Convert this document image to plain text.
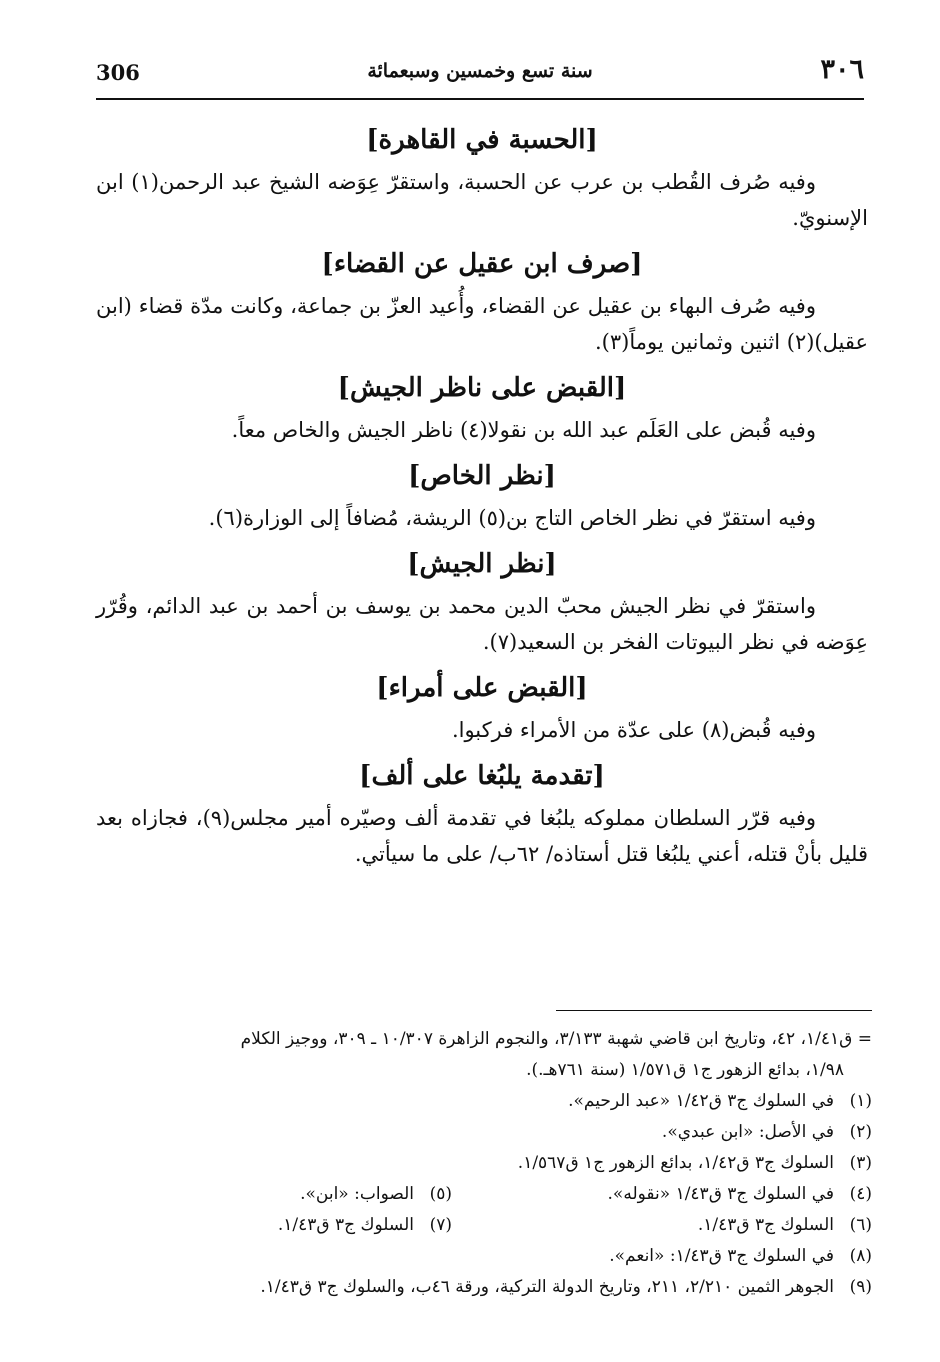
٣٠٦
سنة تسع وخمسين وسبعمائة
306
[الحسبة في القاهرة]

وفيه صُرف القُطب بن عرب عن الحسبة، واستقرّ عِوَضه الشيخ عبد الرحمن(١) ابن الإسنويّ.

[صرف ابن عقيل عن القضاء]

وفيه صُرف البهاء بن عقيل عن القضاء، وأُعيد العزّ بن جماعة، وكانت مدّة قضاء (ابن عقيل)(٢) اثنين وثمانين يوماً(٣).

[القبض على ناظر الجيش]

وفيه قُبض على العَلَم عبد الله بن نقولا(٤) ناظر الجيش والخاص معاً.

[نظر الخاص]

وفيه استقرّ في نظر الخاص التاج بن(٥) الريشة، مُضافاً إلى الوزارة(٦).

[نظر الجيش]

واستقرّ في نظر الجيش محبّ الدين محمد بن يوسف بن أحمد بن عبد الدائم، وقُرّر عِوَضه في نظر البيوتات الفخر بن السعيد(٧).

[القبض على أمراء]

وفيه قُبض(٨) على عدّة من الأمراء فركبوا.

[تقدمة يلبُغا على ألف]

وفيه قرّر السلطان مملوكه يلبُغا في تقدمة ألف وصيّره أمير مجلس(٩)، فجازاه بعد قليل بأنْ قتله، أعني يلبُغا قتل أستاذه/ ٦٢ب/ على ما سيأتي.

= ق١/٤١، ٤٢، وتاريخ ابن قاضي شهبة ٣/١٣٣، والنجوم الزاهرة ١٠/٣٠٧ ـ ٣٠٩، ووجيز الكلام
١/٩٨، بدائع الزهور ج١ ق١/٥٧١ (سنة ٧٦١هـ.).
(١)في السلوك ج٣ ق١/٤٢ «عبد الرحيم».
(٢)في الأصل: «ابن عبدي».
(٣)السلوك ج٣ ق١/٤٢، بدائع الزهور ج١ ق١/٥٦٧.
(٤)في السلوك ج٣ ق١/٤٣ «نقوله».
(٥)الصواب: «ابن».
(٦)السلوك ج٣ ق١/٤٣.
(٧)السلوك ج٣ ق١/٤٣.
(٨)في السلوك ج٣ ق١/٤٣: «انعم».
(٩)الجوهر الثمين ٢/٢١٠، ٢١١، وتاريخ الدولة التركية، ورقة ٤٦ب، والسلوك ج٣ ق١/٤٣.
